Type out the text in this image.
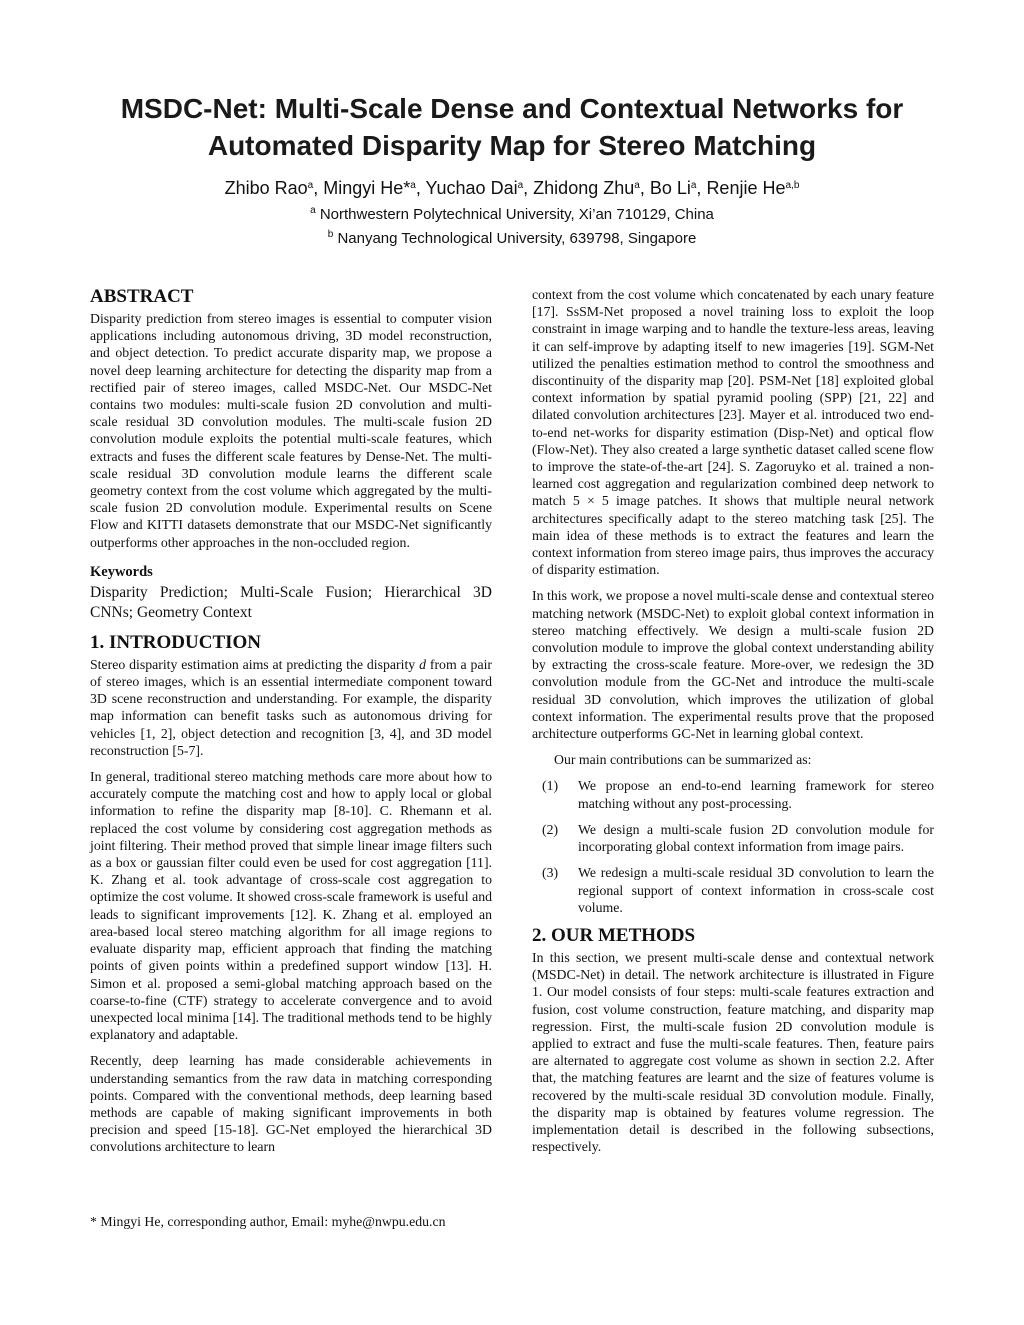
MSDC-Net: Multi-Scale Dense and Contextual Networks for
Automated Disparity Map for Stereo Matching
Zhibo Rao$^a$, Mingyi He*$^a$, Yuchao Dai$^a$, Zhidong Zhu$^a$, Bo Li$^a$, Renjie He$^{a,b}$
$^a$ Northwestern Polytechnical University, Xi’an 710129, China
$^b$ Nanyang Technological University, 639798, Singapore
ABSTRACT

Disparity prediction from stereo images is essential to computer vision applications including autonomous driving, 3D model reconstruction, and object detection. To predict accurate disparity map, we propose a novel deep learning architecture for detecting the disparity map from a rectified pair of stereo images, called MSDC-Net. Our MSDC-Net contains two modules: multi-scale fusion 2D convolution and multi-scale residual 3D convolution modules. The multi-scale fusion 2D convolution module exploits the potential multi-scale features, which extracts and fuses the different scale features by Dense-Net. The multi-scale residual 3D convolution module learns the different scale geometry context from the cost volume which aggregated by the multi-scale fusion 2D convolution module. Experimental results on Scene Flow and KITTI datasets demonstrate that our MSDC-Net significantly outperforms other approaches in the non-occluded region.

Keywords

Disparity Prediction; Multi-Scale Fusion; Hierarchical 3D CNNs; Geometry Context

1. INTRODUCTION

Stereo disparity estimation aims at predicting the disparity d from a pair of stereo images, which is an essential intermediate component toward 3D scene reconstruction and understanding. For example, the disparity map information can benefit tasks such as autonomous driving for vehicles [1, 2], object detection and recognition [3, 4], and 3D model reconstruction [5-7].

In general, traditional stereo matching methods care more about how to accurately compute the matching cost and how to apply local or global information to refine the disparity map [8-10]. C. Rhemann et al. replaced the cost volume by considering cost aggregation methods as joint filtering. Their method proved that simple linear image filters such as a box or gaussian filter could even be used for cost aggregation [11]. K. Zhang et al. took advantage of cross-scale cost aggregation to optimize the cost volume. It showed cross-scale framework is useful and leads to significant improvements [12]. K. Zhang et al. employed an area-based local stereo matching algorithm for all image regions to evaluate disparity map, efficient approach that finding the matching points of given points within a predefined support window [13]. H. Simon et al. proposed a semi-global matching approach based on the coarse-to-fine (CTF) strategy to accelerate convergence and to avoid unexpected local minima [14]. The traditional methods tend to be highly explanatory and adaptable.

Recently, deep learning has made considerable achievements in understanding semantics from the raw data in matching corresponding points. Compared with the conventional methods, deep learning based methods are capable of making significant improvements in both precision and speed [15-18]. GC-Net employed the hierarchical 3D convolutions architecture to learn

context from the cost volume which concatenated by each unary feature [17]. SsSM-Net proposed a novel training loss to exploit the loop constraint in image warping and to handle the texture-less areas, leaving it can self-improve by adapting itself to new imageries [19]. SGM-Net utilized the penalties estimation method to control the smoothness and discontinuity of the disparity map [20]. PSM-Net [18] exploited global context information by spatial pyramid pooling (SPP) [21, 22] and dilated convolution architectures [23]. Mayer et al. introduced two end-to-end net-works for disparity estimation (Disp-Net) and optical flow (Flow-Net). They also created a large synthetic dataset called scene flow to improve the state-of-the-art [24]. S. Zagoruyko et al. trained a non-learned cost aggregation and regularization combined deep network to match 5 × 5 image patches. It shows that multiple neural network architectures specifically adapt to the stereo matching task [25]. The main idea of these methods is to extract the features and learn the context information from stereo image pairs, thus improves the accuracy of disparity estimation.

In this work, we propose a novel multi-scale dense and contextual stereo matching network (MSDC-Net) to exploit global context information in stereo matching effectively. We design a multi-scale fusion 2D convolution module to improve the global context understanding ability by extracting the cross-scale feature. More-over, we redesign the 3D convolution module from the GC-Net and introduce the multi-scale residual 3D convolution, which improves the utilization of global context information. The experimental results prove that the proposed architecture outperforms GC-Net in learning global context.

Our main contributions can be summarized as:

(1) We propose an end-to-end learning framework for stereo matching without any post-processing.
(2) We design a multi-scale fusion 2D convolution module for incorporating global context information from image pairs.
(3) We redesign a multi-scale residual 3D convolution to learn the regional support of context information in cross-scale cost volume.
2. OUR METHODS

In this section, we present multi-scale dense and contextual network (MSDC-Net) in detail. The network architecture is illustrated in Figure 1. Our model consists of four steps: multi-scale features extraction and fusion, cost volume construction, feature matching, and disparity map regression. First, the multi-scale fusion 2D convolution module is applied to extract and fuse the multi-scale features. Then, feature pairs are alternated to aggregate cost volume as shown in section 2.2. After that, the matching features are learnt and the size of features volume is recovered by the multi-scale residual 3D convolution module. Finally, the disparity map is obtained by features volume regression. The implementation detail is described in the following subsections, respectively.

* Mingyi He, corresponding author, Email: myhe@nwpu.edu.cn
